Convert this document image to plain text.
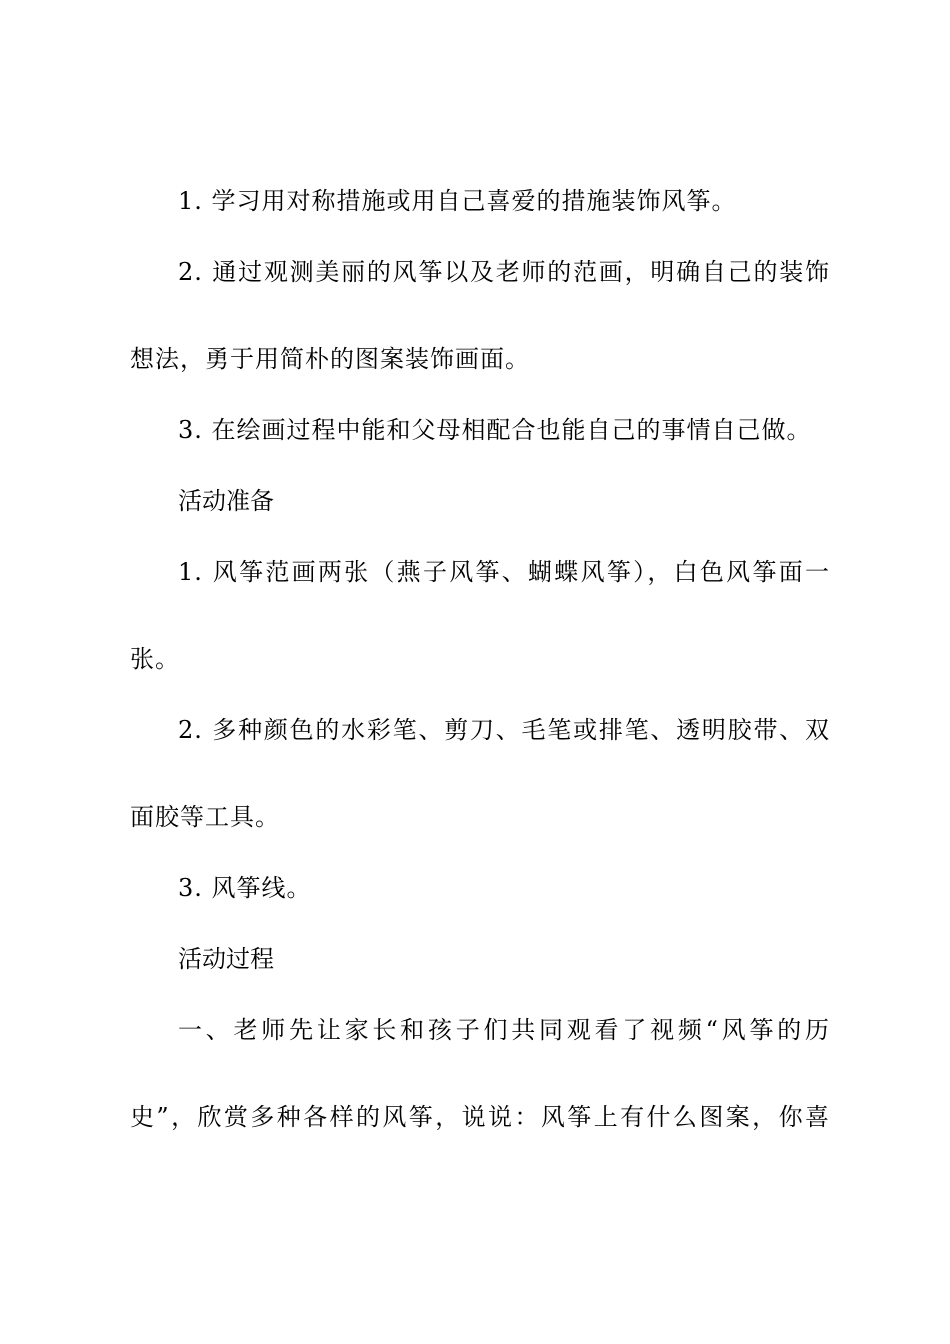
1. 学习用对称措施或用自己喜爱的措施装饰风筝。
2. 通过观测美丽的风筝以及老师的范画，明确自己的装饰
想法，勇于用简朴的图案装饰画面。
3. 在绘画过程中能和父母相配合也能自己的事情自己做。
活动准备
1. 风筝范画两张（燕子风筝、蝴蝶风筝），白色风筝面一
张。
2. 多种颜色的水彩笔、剪刀、毛笔或排笔、透明胶带、双
面胶等工具。
3. 风筝线。
活动过程
一、老师先让家长和孩子们共同观看了视频“风筝的历
史”，欣赏多种各样的风筝，说说：风筝上有什么图案，你喜
